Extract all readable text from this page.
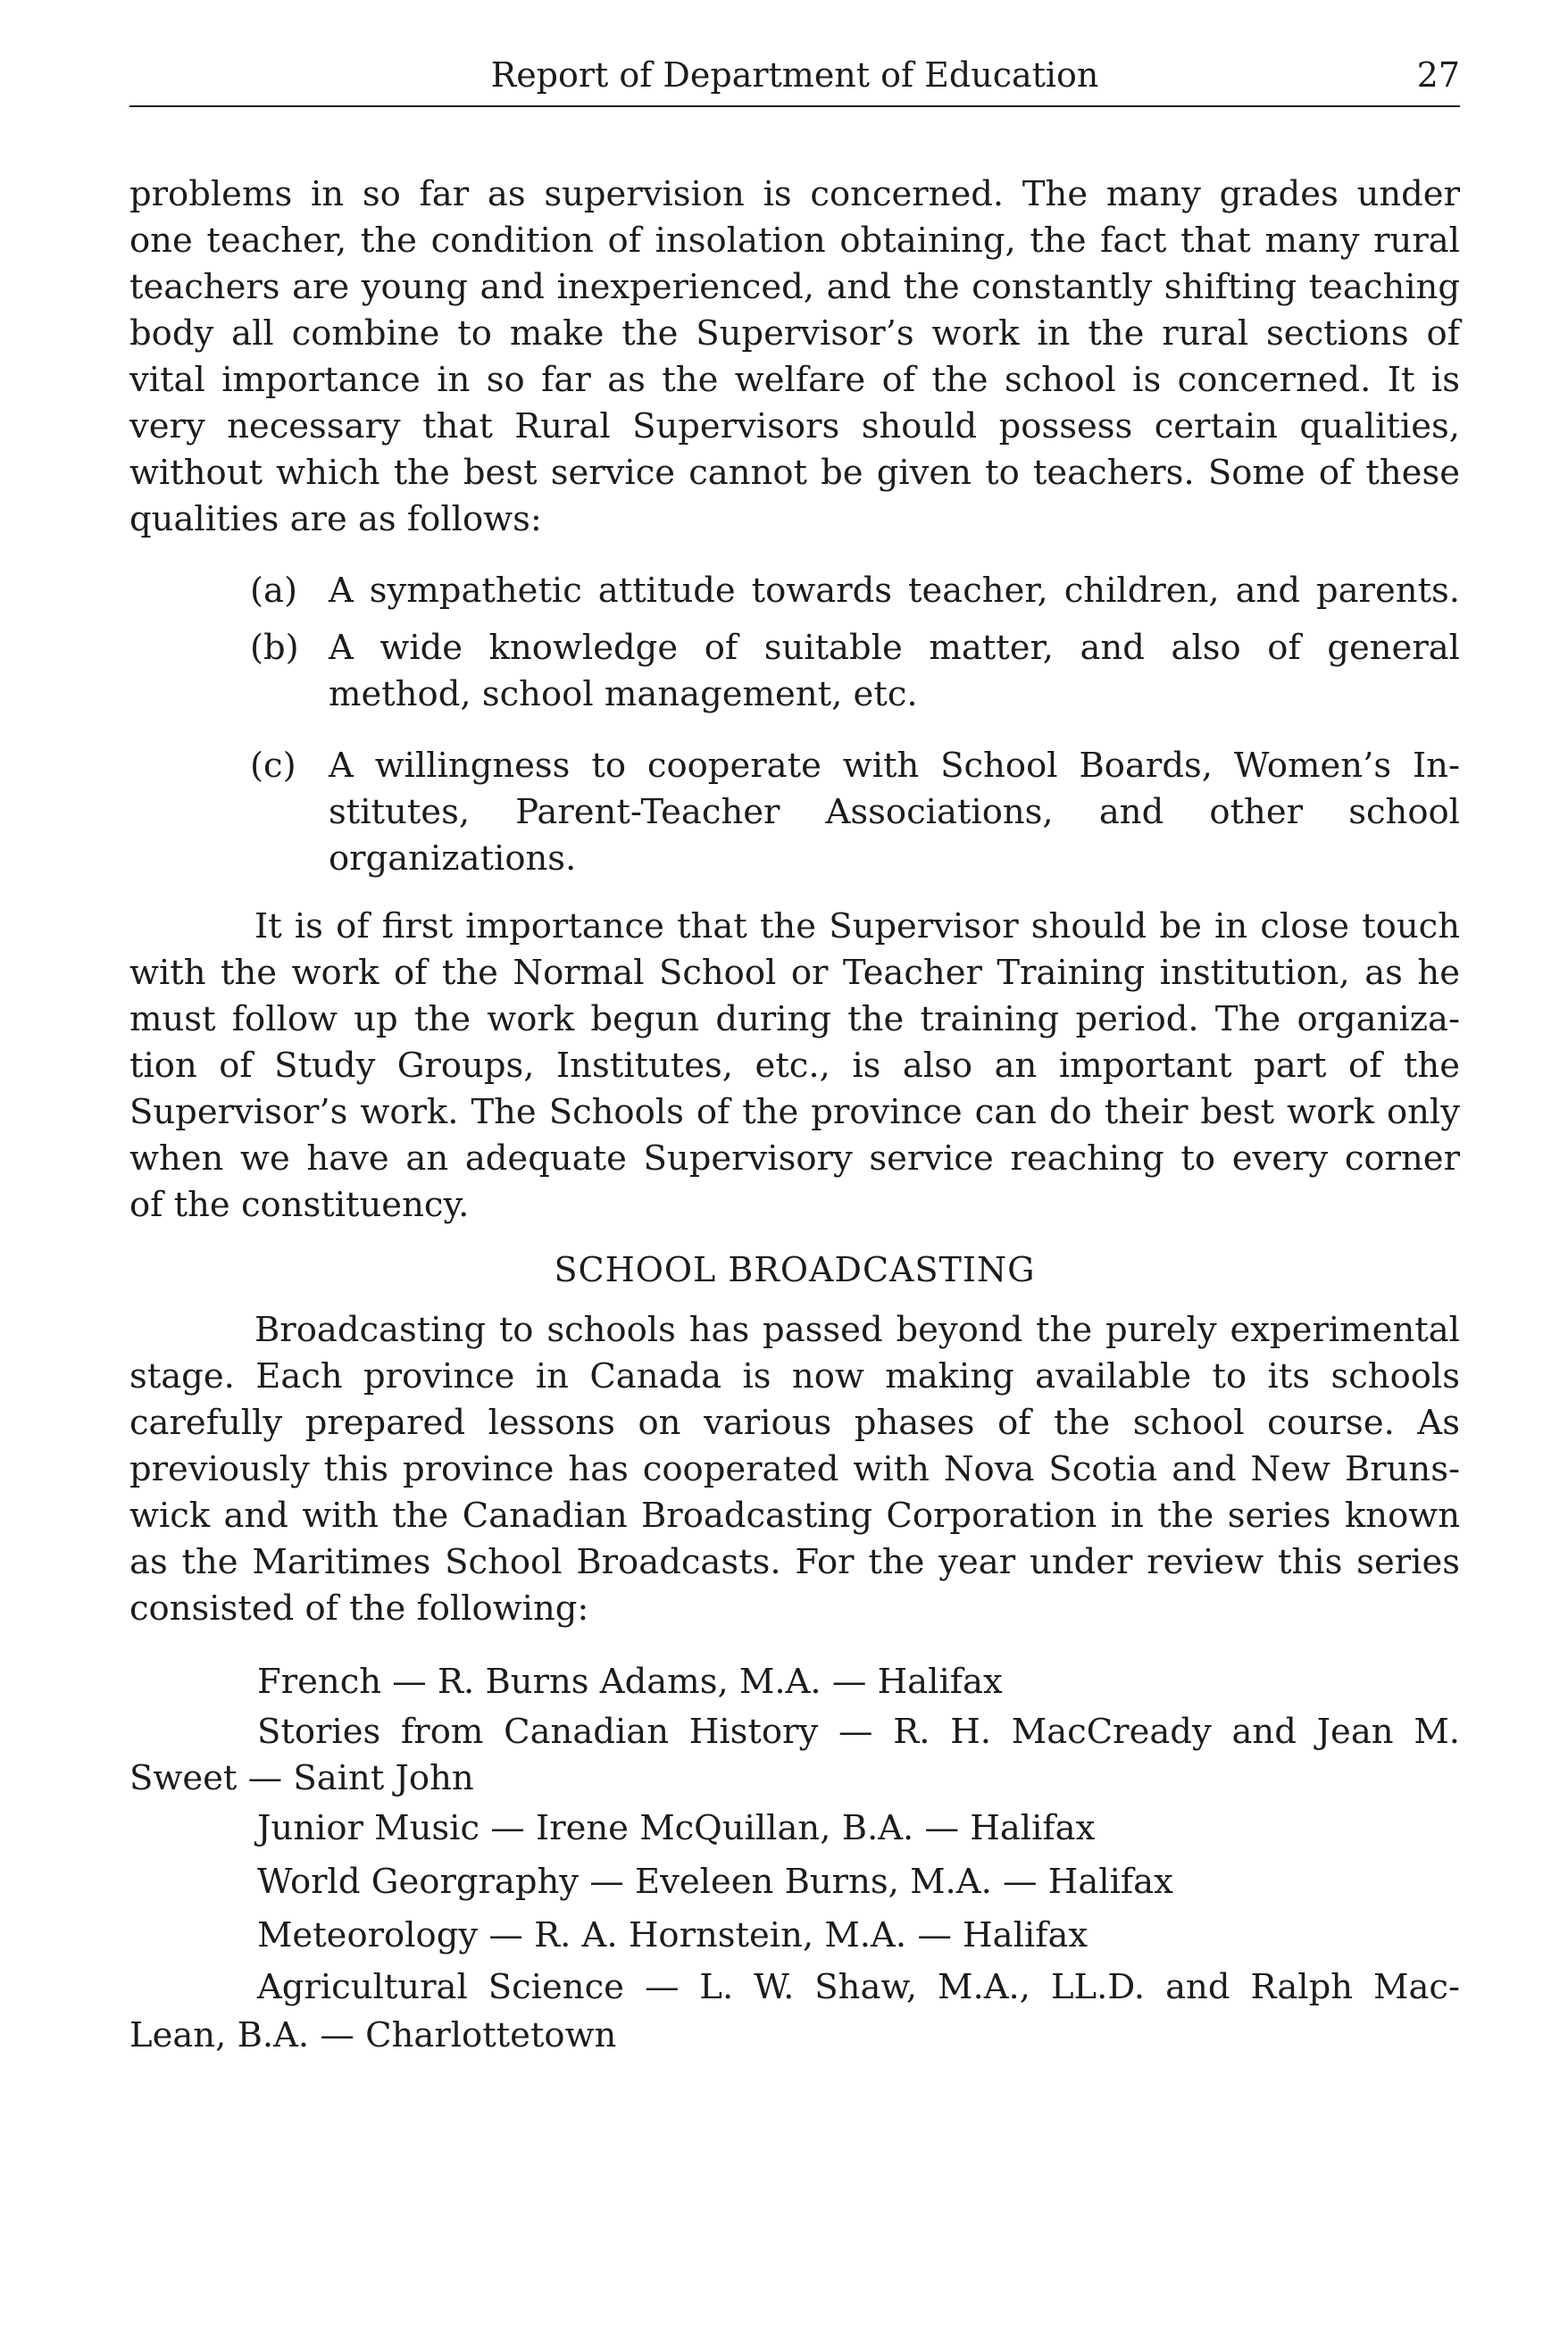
Report of Department of Education	27
problems in so far as supervision is concerned. The many grades under
one teacher, the condition of insolation obtaining, the fact that many rural
teachers are young and inexperienced, and the constantly shifting teaching
body all combine to make the Supervisor’s work in the rural sections of
vital importance in so far as the welfare of the school is concerned. It is
very necessary that Rural Supervisors should possess certain qualities,
without which the best service cannot be given to teachers. Some of these
qualities are as follows:
(a) A sympathetic attitude towards teacher, children, and parents.
(b) A wide knowledge of suitable matter, and also of general
method, school management, etc.
(c) A willingness to cooperate with School Boards, Women’s In-
stitutes, Parent-Teacher Associations, and other school
organizations.
It is of first importance that the Supervisor should be in close touch
with the work of the Normal School or Teacher Training institution, as he
must follow up the work begun during the training period. The organiza-
tion of Study Groups, Institutes, etc., is also an important part of the
Supervisor’s work. The Schools of the province can do their best work only
when we have an adequate Supervisory service reaching to every corner
of the constituency.
SCHOOL BROADCASTING
Broadcasting to schools has passed beyond the purely experimental
stage. Each province in Canada is now making available to its schools
carefully prepared lessons on various phases of the school course. As
previously this province has cooperated with Nova Scotia and New Bruns-
wick and with the Canadian Broadcasting Corporation in the series known
as the Maritimes School Broadcasts. For the year under review this series
consisted of the following:
French — R. Burns Adams, M.A. — Halifax
Stories from Canadian History — R. H. MacCready and Jean M.
Sweet — Saint John
Junior Music — Irene McQuillan, B.A. — Halifax
World Georgraphy — Eveleen Burns, M.A. — Halifax
Meteorology — R. A. Hornstein, M.A. — Halifax
Agricultural Science — L. W. Shaw, M.A., LL.D. and Ralph Mac-
Lean, B.A. — Charlottetown
